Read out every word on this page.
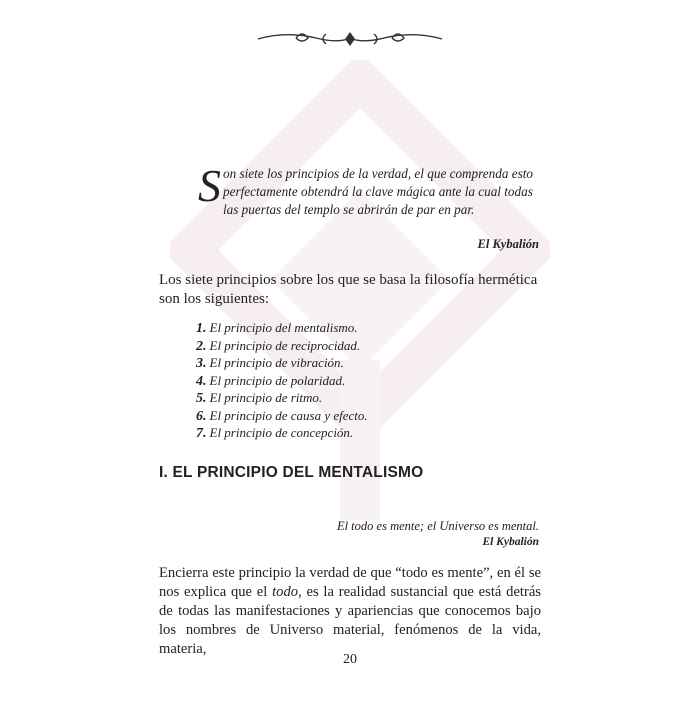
Son siete los principios de la verdad, el que comprenda esto perfectamente obtendrá la clave mágica ante la cual todas las puertas del templo se abrirán de par en par.
El Kybalión
Los siete principios sobre los que se basa la filosofía hermética son los siguientes:
1. El principio del mentalismo.
2. El principio de reciprocidad.
3. El principio de vibración.
4. El principio de polaridad.
5. El principio de ritmo.
6. El principio de causa y efecto.
7. El principio de concepción.
I. EL PRINCIPIO DEL MENTALISMO
El todo es mente; el Universo es mental.
El Kybalión
Encierra este principio la verdad de que “todo es mente”, en él se nos explica que el todo, es la realidad sustancial que está detrás de todas las manifestaciones y apariencias que conocemos bajo los nombres de Universo material, fenómenos de la vida, materia,
20
